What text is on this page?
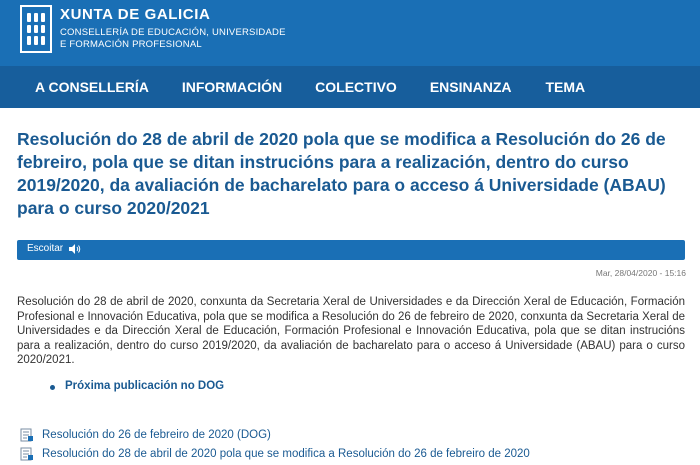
XUNTA DE GALICIA
CONSELLERÍA DE EDUCACIÓN, UNIVERSIDADE
E FORMACIÓN PROFESIONAL
A CONSELLERÍA INFORMACIÓN COLECTIVO ENSINANZA TEMA
Resolución do 28 de abril de 2020 pola que se modifica a Resolución do 26 de febreiro, pola que se ditan instrucións para a realización, dentro do curso 2019/2020, da avaliación de bacharelato para o acceso á Universidade (ABAU) para o curso 2020/2021
Escoitar
Mar, 28/04/2020 - 15:16

Resolución do 28 de abril de 2020, conxunta da Secretaria Xeral de Universidades e da Dirección Xeral de Educación, Formación Profesional e Innovación Educativa, pola que se modifica a Resolución do 26 de febreiro de 2020, conxunta da Secretaria Xeral de Universidades e da Dirección Xeral de Educación, Formación Profesional e Innovación Educativa, pola que se ditan instrucións para a realización, dentro do curso 2019/2020, da avaliación de bacharelato para o acceso á Universidade (ABAU) para o curso 2020/2021.

Próxima publicación no DOG
Resolución do 26 de febreiro de 2020 (DOG)
Resolución do 28 de abril de 2020 pola que se modifica a Resolución do 26 de febreiro de 2020
